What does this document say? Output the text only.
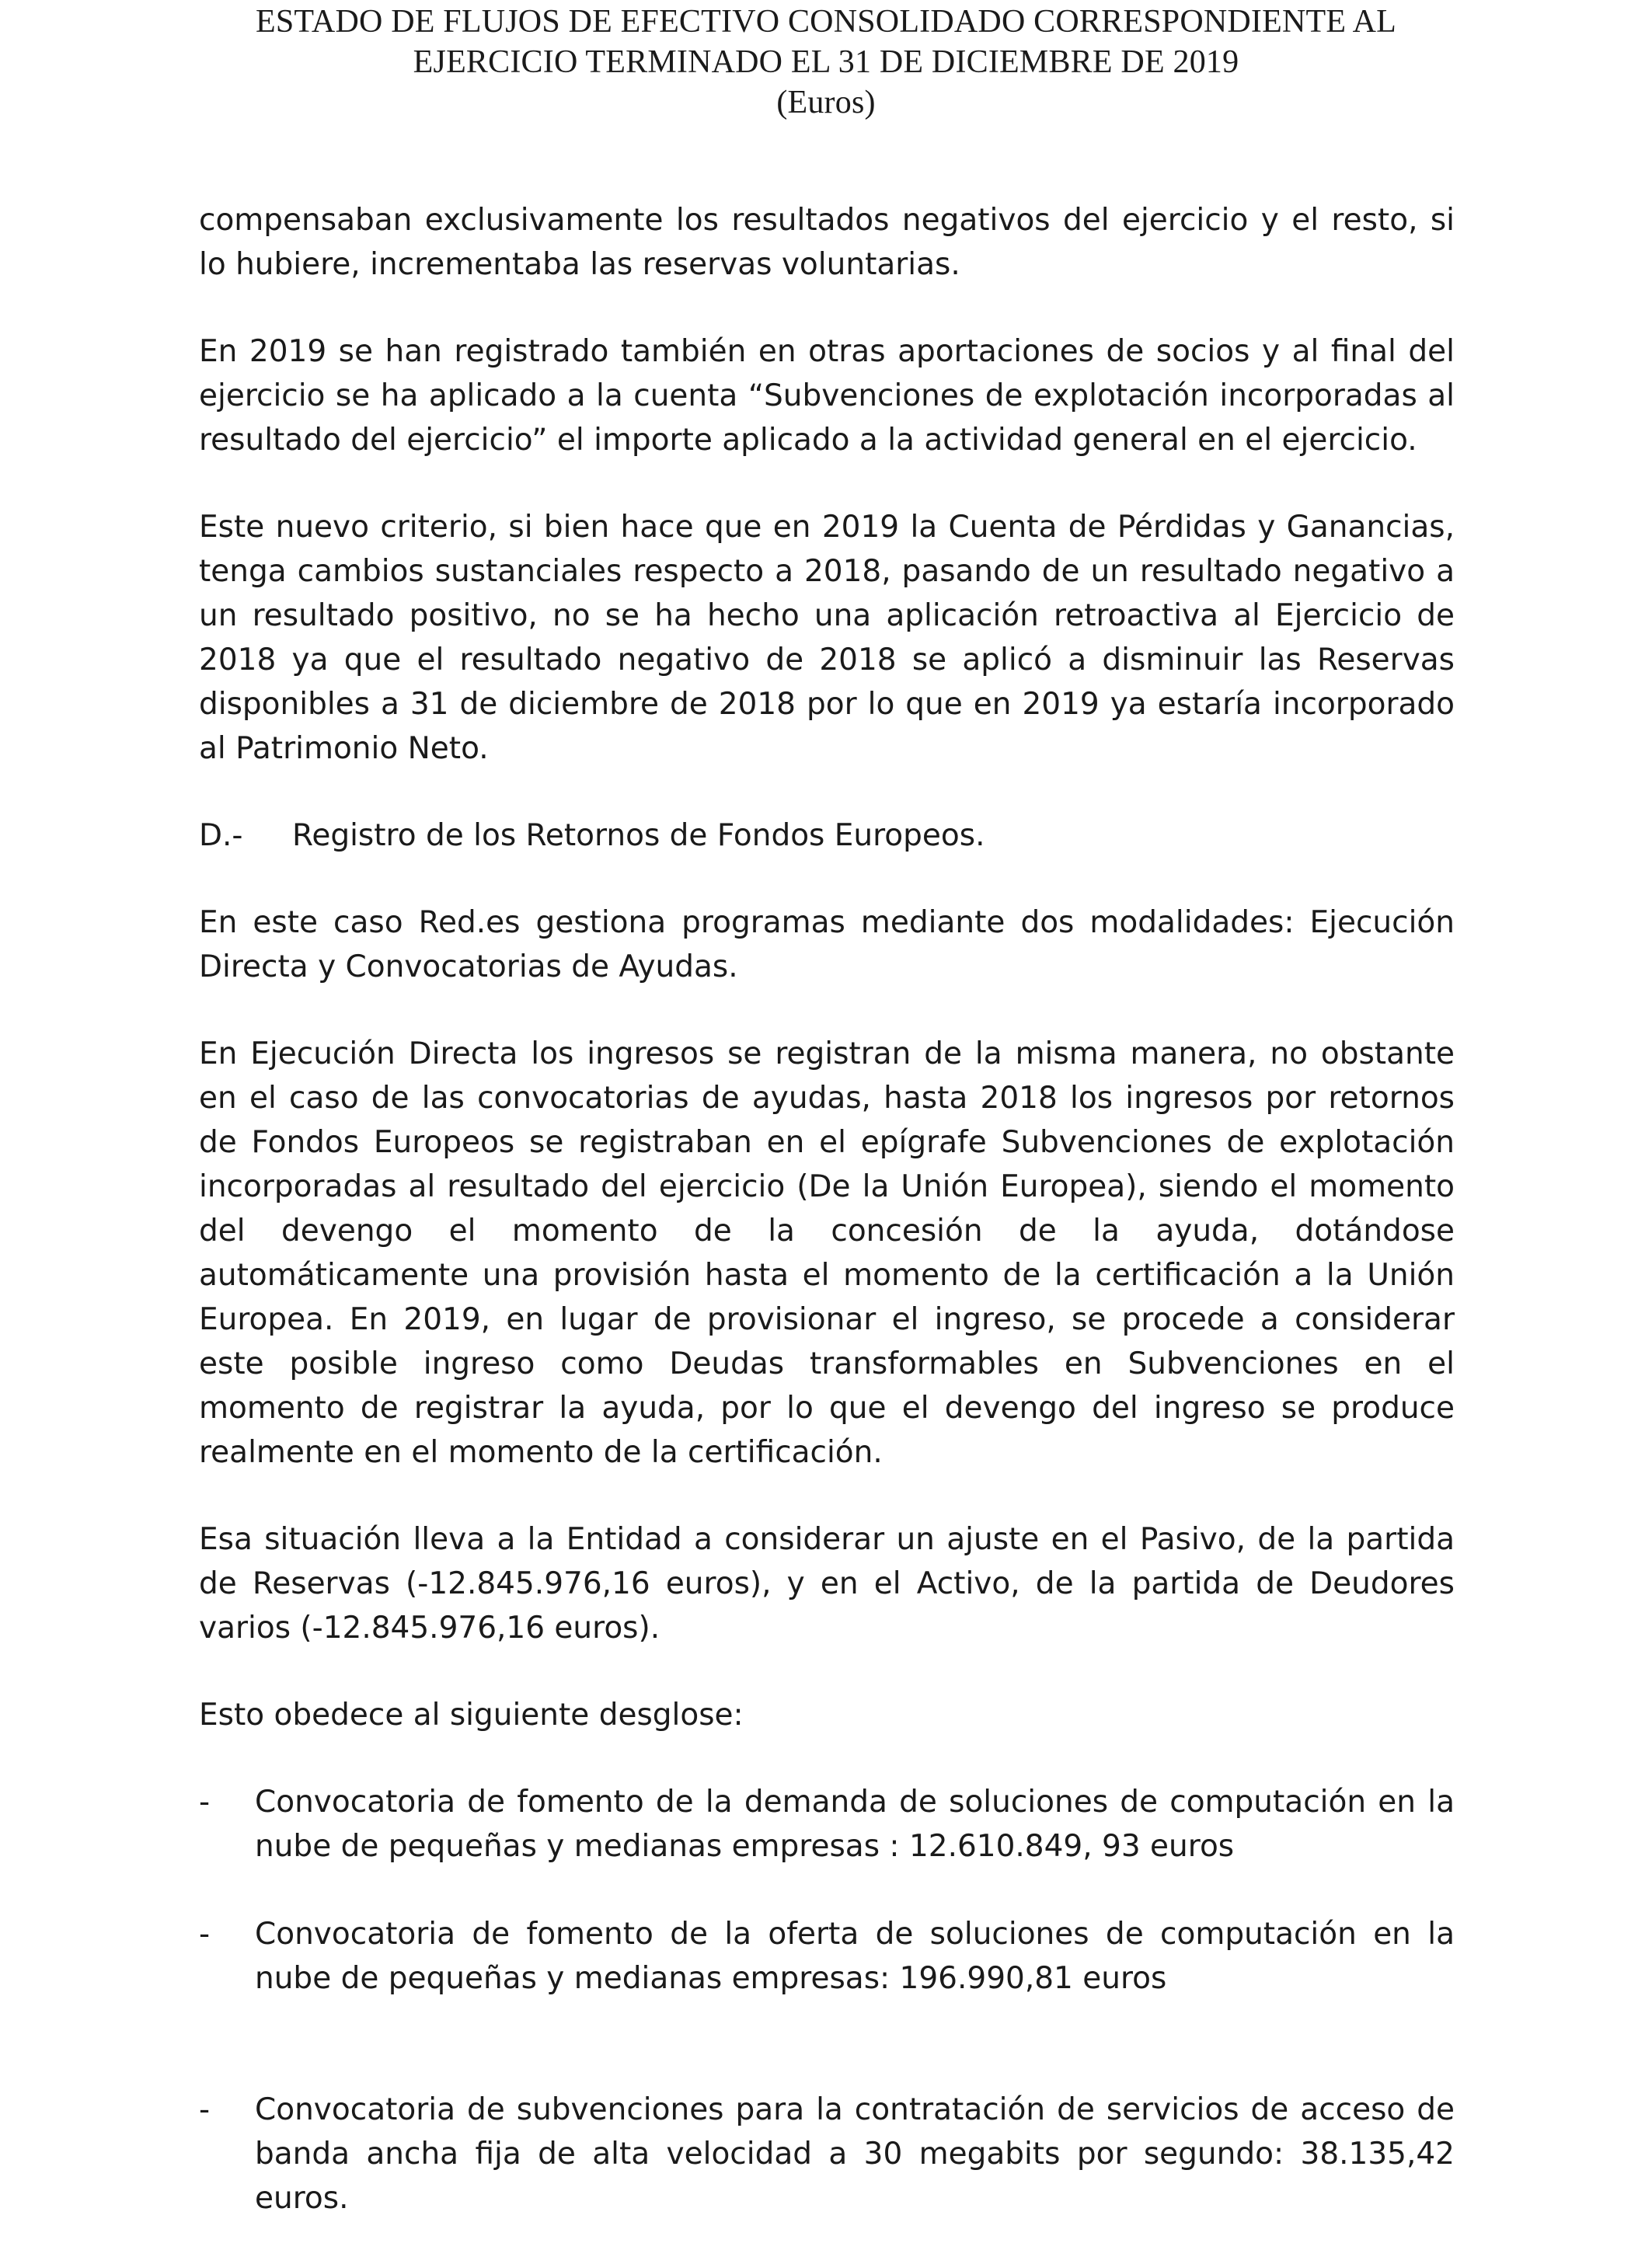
ESTADO DE FLUJOS DE EFECTIVO CONSOLIDADO CORRESPONDIENTE AL
EJERCICIO TERMINADO EL 31 DE DICIEMBRE DE 2019
(Euros)

compensaban exclusivamente los resultados negativos del ejercicio y el resto, si lo hubiere, incrementaba las reservas voluntarias.

En 2019 se han registrado también en otras aportaciones de socios y al final del ejercicio se ha aplicado a la cuenta “Subvenciones de explotación incorporadas al resultado del ejercicio” el importe aplicado a la actividad general en el ejercicio.

Este nuevo criterio, si bien hace que en 2019 la Cuenta de Pérdidas y Ganancias, tenga cambios sustanciales respecto a 2018, pasando de un resultado negativo a un resultado positivo, no se ha hecho una aplicación retroactiva al Ejercicio de 2018 ya que el resultado negativo de 2018 se aplicó a disminuir las Reservas disponibles a 31 de diciembre de 2018 por lo que en 2019 ya estaría incorporado al Patrimonio Neto.

D.-	Registro de los Retornos de Fondos Europeos.

En este caso Red.es gestiona programas mediante dos modalidades: Ejecución Directa y Convocatorias de Ayudas.

En Ejecución Directa los ingresos se registran de la misma manera, no obstante en el caso de las convocatorias de ayudas, hasta 2018 los ingresos por retornos de Fondos Europeos se registraban en el epígrafe Subvenciones de explotación incorporadas al resultado del ejercicio (De la Unión Europea), siendo el momento del devengo el momento de la concesión de la ayuda, dotándose automáticamente una provisión hasta el momento de la certificación a la Unión Europea. En 2019, en lugar de provisionar el ingreso, se procede a considerar este posible ingreso como Deudas transformables en Subvenciones en el momento de registrar la ayuda, por lo que el devengo del ingreso se produce realmente en el momento de la certificación.

Esa situación lleva a la Entidad a considerar un ajuste en el Pasivo, de la partida de Reservas (-12.845.976,16 euros), y en el Activo, de la partida de Deudores varios (-12.845.976,16 euros).

Esto obedece al siguiente desglose:

-	Convocatoria de fomento de la demanda de soluciones de computación en la nube de pequeñas y medianas empresas : 12.610.849, 93 euros
-	Convocatoria de fomento de la oferta de soluciones de computación en la nube de pequeñas y medianas empresas: 196.990,81 euros
-	Convocatoria de subvenciones para la contratación de servicios de acceso de banda ancha fija de alta velocidad a 30 megabits por segundo: 38.135,42 euros.
